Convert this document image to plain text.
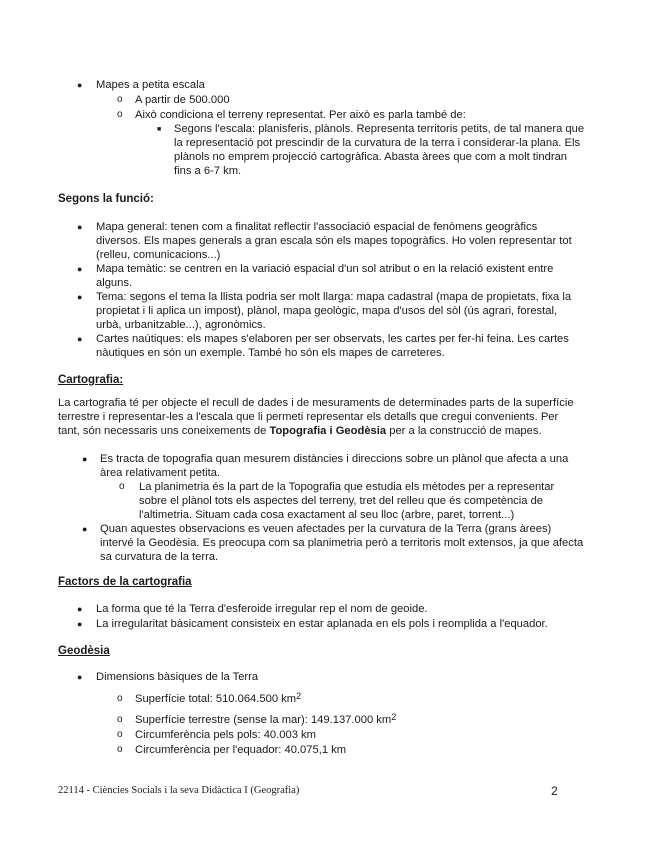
● Mapes a petita escala
o A partir de 500.000
o Això condiciona el terreny representat. Per això es parla també de:
■ Segons l'escala: planisferis, plànols. Representa territoris petits, de tal manera que
la representació pot prescindir de la curvatura de la terra i considerar-la plana. Els
plànols no emprem projecció cartogràfica. Abasta àrees que com a molt tindran
fins a 6-7 km.
Segons la funció:
● Mapa general: tenen com a finalitat reflectir l'associació espacial de fenòmens geogràfics
diversos. Els mapes generals a gran escala són els mapes topogràfics. Ho volen representar tot
(relleu, comunicacions...)
● Mapa temàtic: se centren en la variació espacial d'un sol atribut o en la relació existent entre
alguns.
● Tema: segons el tema la llista podria ser molt llarga: mapa cadastral (mapa de propietats, fixa la
propietat i li aplica un impost), plànol, mapa geològic, mapa d'usos del sòl (ús agrari, forestal,
urbà, urbanitzable...), agronòmics.
● Cartes naútiques: els mapes s'elaboren per ser observats, les cartes per fer-hi feina. Les cartes
nàutiques en són un exemple. També ho són els mapes de carreteres.
Cartografia:
La cartografia té per objecte el recull de dades i de mesuraments de determinades parts de la superfície
terrestre i representar-les a l'escala que li permeti representar els detalls que cregui convenients. Per
tant, són necessaris uns coneixements de Topografia i Geodèsia per a la construcció de mapes.
● Es tracta de topografia quan mesurem distàncies i direccions sobre un plànol que afecta a una
àrea relativament petita.
o La planimetria és la part de la Topografia que estudia els mètodes per a representar
sobre el plànol tots els aspectes del terreny, tret del relleu que és competència de
l'altimetria. Situam cada cosa exactament al seu lloc (arbre, paret, torrent...)
● Quan aquestes observacions es veuen afectades per la curvatura de la Terra (grans àrees)
intervé la Geodèsia. Es preocupa com sa planimetria però a territoris molt extensos, ja que afecta
sa curvatura de la terra.
Factors de la cartografia
● La forma que té la Terra d'esferoide irregular rep el nom de geoide.
● La irregularitat bàsicament consisteix en estar aplanada en els pols i reomplida a l'equador.
Geodèsia
● Dimensions bàsiques de la Terra
o Superfície total: 510.064.500 $km^2$
o Superfície terrestre (sense la mar): 149.137.000 $km^2$
o Circumferència pels pols: 40.003 km
o Circumferència per l'equador: 40.075,1 km
22114 - Ciències Socials i la seva Didàctica I (Geografia)	2
